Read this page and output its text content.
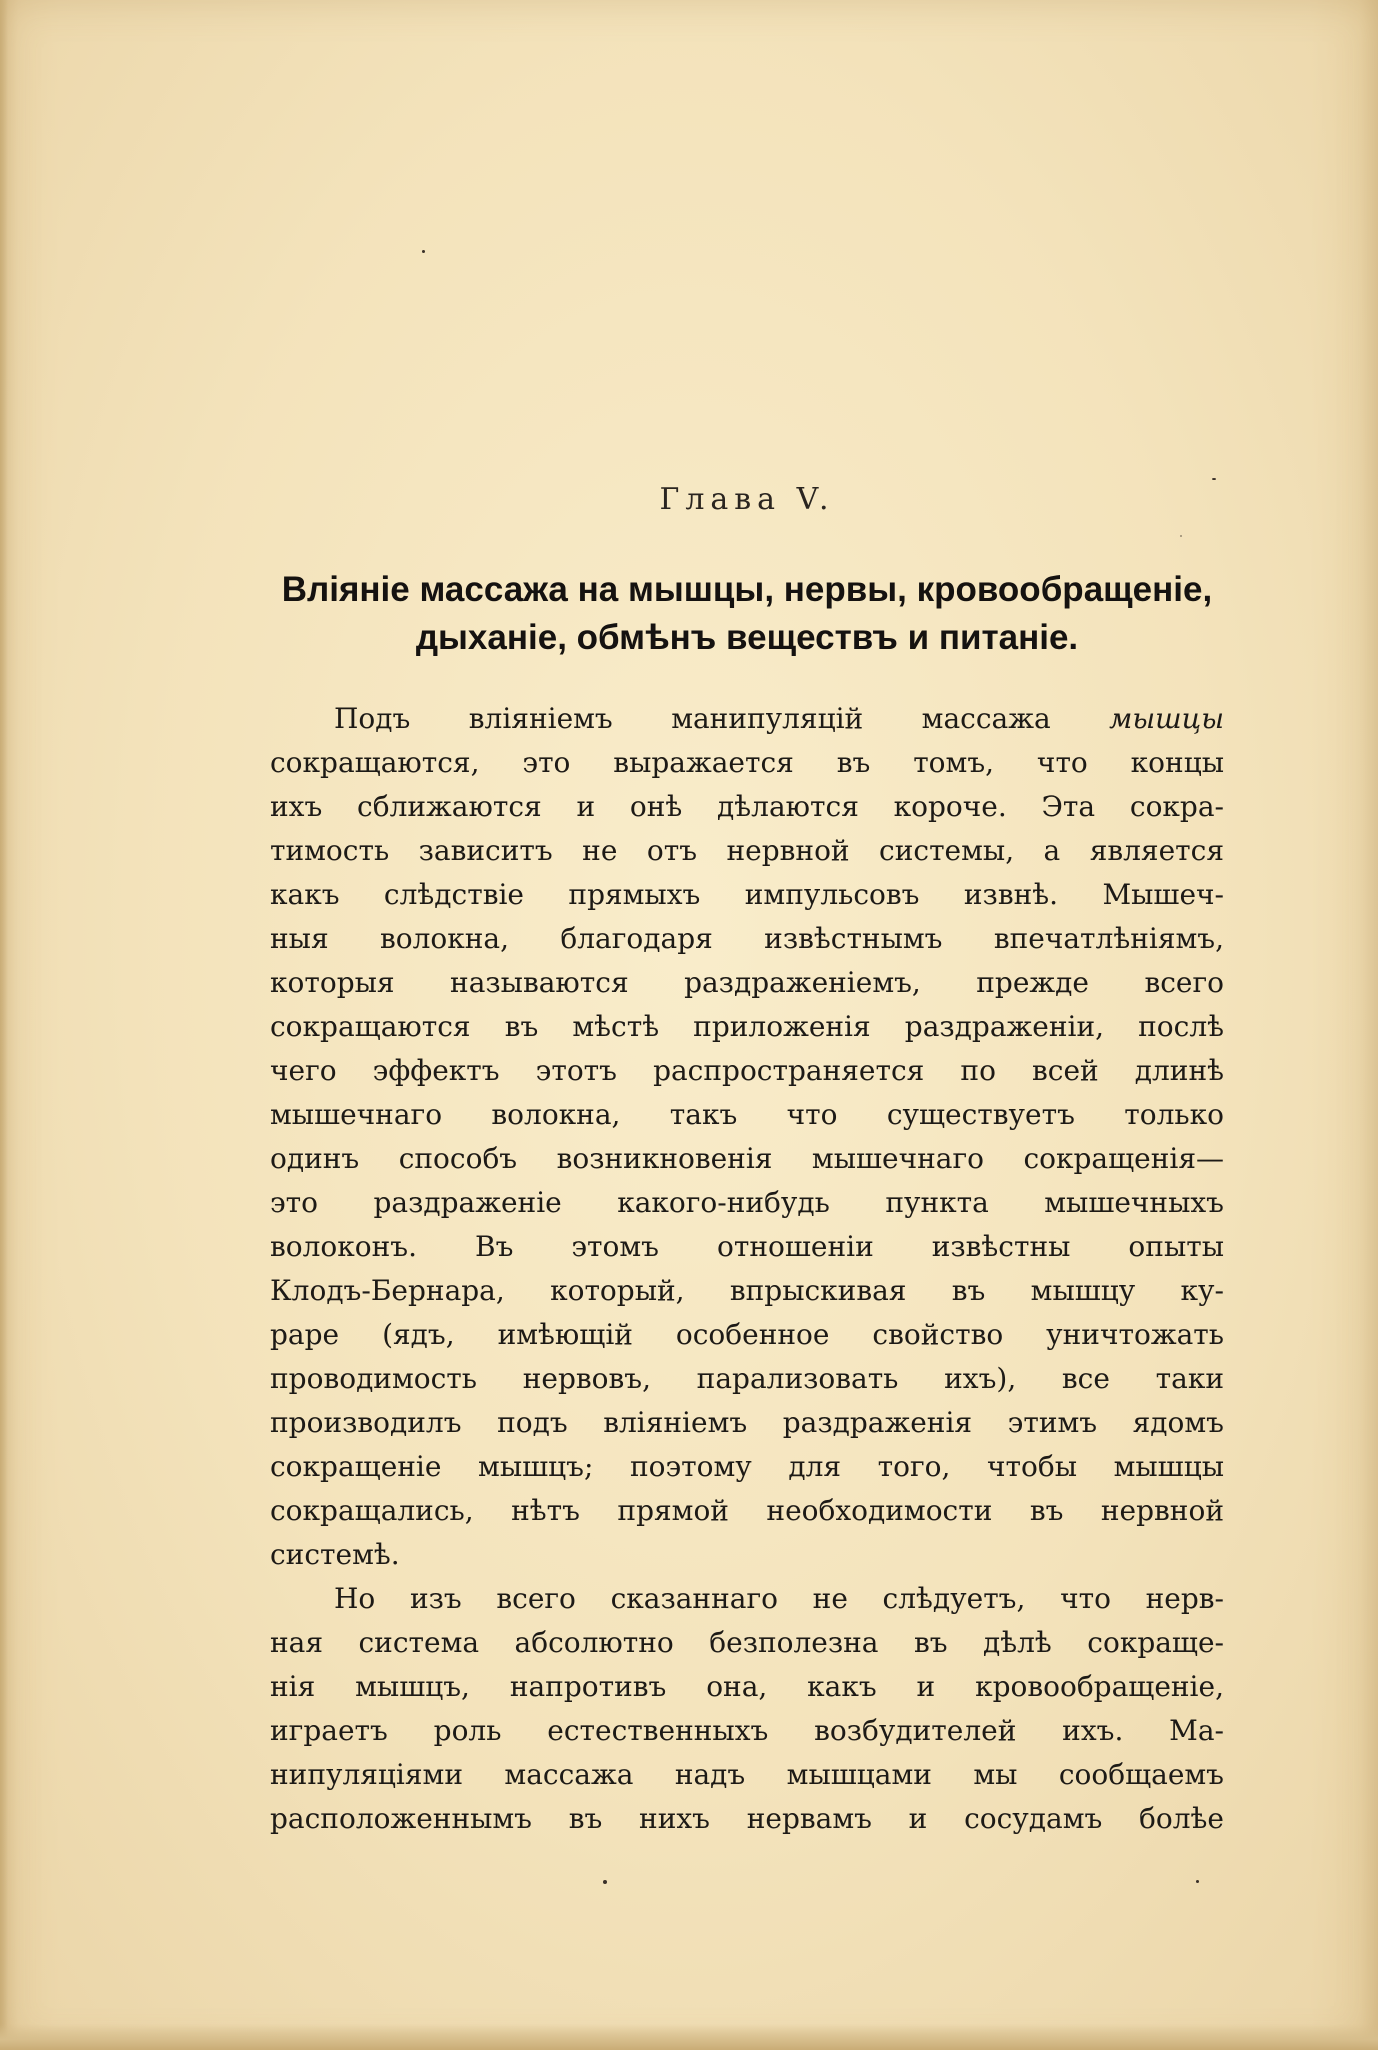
Глава V.
Вліяніе массажа на мышцы, нервы, кровообращеніе,
дыханіе, обмѣнъ веществъ и питаніе.
Подъ вліяніемъ манипуляцій массажа мышцы
сокращаются, это выражается въ томъ, что концы
ихъ сближаются и онѣ дѣлаются короче. Эта сокра-
тимость зависитъ не отъ нервной системы, а является
какъ слѣдствіе прямыхъ импульсовъ извнѣ. Мышеч-
ныя волокна, благодаря извѣстнымъ впечатлѣніямъ,
которыя называются раздраженіемъ, прежде всего
сокращаются въ мѣстѣ приложенія раздраженіи, послѣ
чего эффектъ этотъ распространяется по всей длинѣ
мышечнаго волокна, такъ что существуетъ только
одинъ способъ возникновенія мышечнаго сокращенія—
это раздраженіе какого-нибудь пункта мышечныхъ
волоконъ. Въ этомъ отношеніи извѣстны опыты
Клодъ-Бернара, который, впрыскивая въ мышцу ку-
раре (ядъ, имѣющій особенное свойство уничтожать
проводимость нервовъ, парализовать ихъ), все таки
производилъ подъ вліяніемъ раздраженія этимъ ядомъ
сокращеніе мышцъ; поэтому для того, чтобы мышцы
сокращались, нѣтъ прямой необходимости въ нервной
системѣ.
Но изъ всего сказаннаго не слѣдуетъ, что нерв-
ная система абсолютно безполезна въ дѣлѣ сокраще-
нія мышцъ, напротивъ она, какъ и кровообращеніе,
играетъ роль естественныхъ возбудителей ихъ. Ма-
нипуляціями массажа надъ мышцами мы сообщаемъ
расположеннымъ въ нихъ нервамъ и сосудамъ болѣе
